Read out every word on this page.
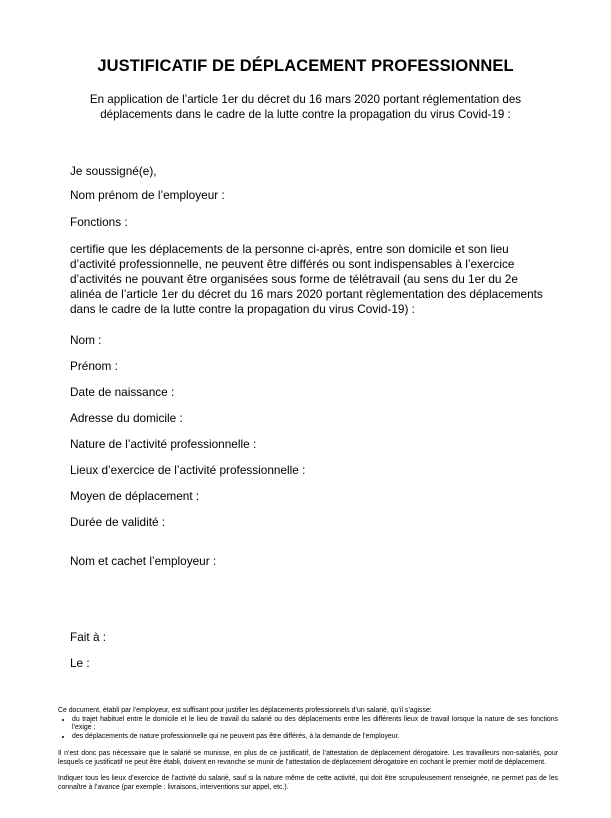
JUSTIFICATIF DE DÉPLACEMENT PROFESSIONNEL
En application de l’article 1er du décret du 16 mars 2020 portant réglementation des déplacements dans le cadre de la lutte contre la propagation du virus Covid-19 :
Je soussigné(e),
Nom prénom de l’employeur :
Fonctions :
certifie que les déplacements de la personne ci-après, entre son domicile et son lieu d’activité professionnelle, ne peuvent être différés ou sont indispensables à l’exercice d’activités ne pouvant être organisées sous forme de télétravail (au sens du 1er du 2e alinéa de l’article 1er du décret du 16 mars 2020 portant règlementation des déplacements dans le cadre de la lutte contre la propagation du virus Covid-19) :
Nom :
Prénom :
Date de naissance :
Adresse du domicile :
Nature de l’activité professionnelle :
Lieux d’exercice de l’activité professionnelle :
Moyen de déplacement :
Durée de validité :
Nom et cachet l’employeur :
Fait à :
Le :

Ce document, établi par l’employeur, est suffisant pour justifier les déplacements professionnels d’un salarié, qu’il s’agisse:

• du trajet habituel entre le domicile et le lieu de travail du salarié ou des déplacements entre les différents lieux de travail lorsque la nature de ses fonctions l’exige ;
• des déplacements de nature professionnelle qui ne peuvent pas être différés, à la demande de l’employeur.

Il n’est donc pas nécessaire que le salarié se munisse, en plus de ce justificatif, de l’attestation de déplacement dérogatoire. Les travailleurs non-salariés, pour lesquels ce justificatif ne peut être établi, doivent en revanche se munir de l’attestation de déplacement dérogatoire en cochant le premier motif de déplacement.

Indiquer tous les lieux d’exercice de l’activité du salarié, sauf si la nature même de cette activité, qui doit être scrupuleusement renseignée, ne permet pas de les connaître à l’avance (par exemple : livraisons, interventions sur appel, etc.).
